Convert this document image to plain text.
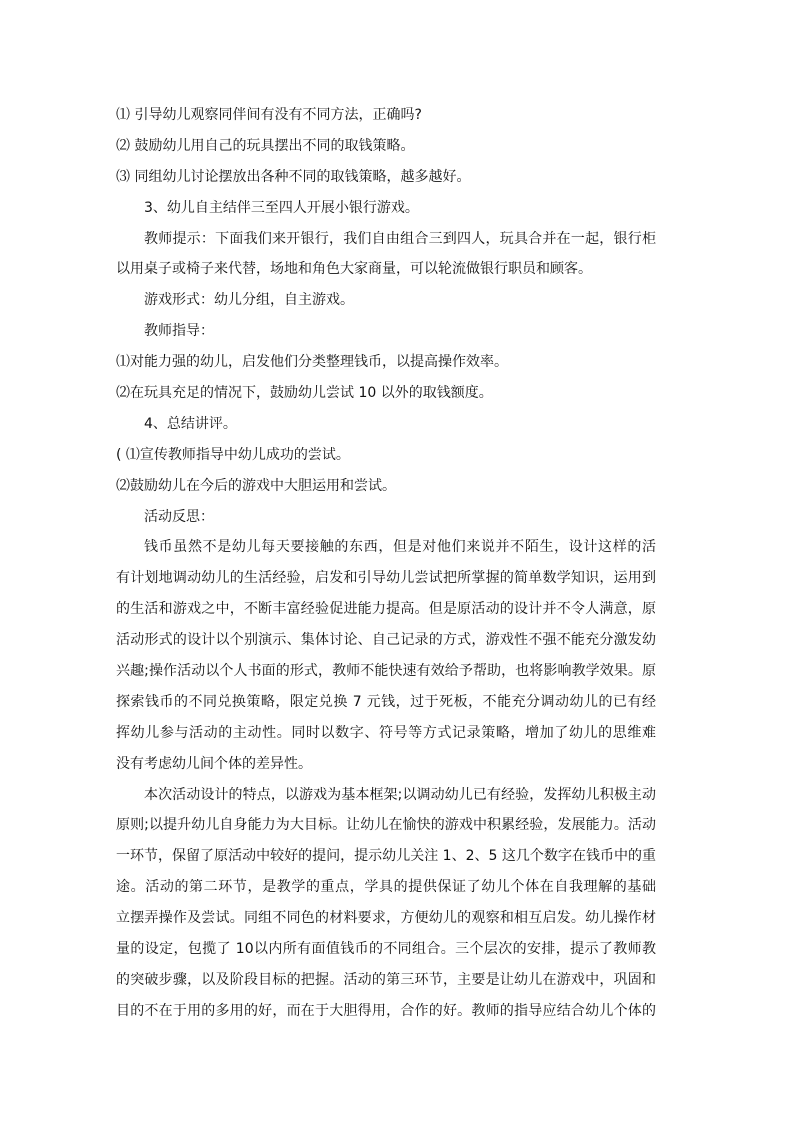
⑴ 引导幼儿观察同伴间有没有不同方法，正确吗?
⑵ 鼓励幼儿用自己的玩具摆出不同的取钱策略。
⑶ 同组幼儿讨论摆放出各种不同的取钱策略，越多越好。
3、幼儿自主结伴三至四人开展小银行游戏。
教师提示：下面我们来开银行，我们自由组合三到四人，玩具合并在一起，银行柜
以用桌子或椅子来代替，场地和角色大家商量，可以轮流做银行职员和顾客。
游戏形式：幼儿分组，自主游戏。
教师指导：
⑴对能力强的幼儿，启发他们分类整理钱币，以提高操作效率。
⑵在玩具充足的情况下，鼓励幼儿尝试 10 以外的取钱额度。
4、总结讲评。
( ⑴宣传教师指导中幼儿成功的尝试。
⑵鼓励幼儿在今后的游戏中大胆运用和尝试。
活动反思：
钱币虽然不是幼儿每天要接触的东西，但是对他们来说并不陌生，设计这样的活
有计划地调动幼儿的生活经验，启发和引导幼儿尝试把所掌握的简单数学知识，运用到
的生活和游戏之中，不断丰富经验促进能力提高。但是原活动的设计并不令人满意，原
活动形式的设计以个别演示、集体讨论、自己记录的方式，游戏性不强不能充分激发幼
兴趣;操作活动以个人书面的形式，教师不能快速有效给予帮助，也将影响教学效果。原
探索钱币的不同兑换策略，限定兑换 7 元钱，过于死板，不能充分调动幼儿的已有经
挥幼儿参与活动的主动性。同时以数字、符号等方式记录策略，增加了幼儿的思维难
没有考虑幼儿间个体的差异性。
本次活动设计的特点，以游戏为基本框架;以调动幼儿已有经验，发挥幼儿积极主动
原则;以提升幼儿自身能力为大目标。让幼儿在愉快的游戏中积累经验，发展能力。活动
一环节，保留了原活动中较好的提问，提示幼儿关注 1、2、5 这几个数字在钱币中的重
途。活动的第二环节，是教学的重点，学具的提供保证了幼儿个体在自我理解的基础
立摆弄操作及尝试。同组不同色的材料要求，方便幼儿的观察和相互启发。幼儿操作材
量的设定，包揽了 10以内所有面值钱币的不同组合。三个层次的安排，提示了教师教
的突破步骤，以及阶段目标的把握。活动的第三环节，主要是让幼儿在游戏中，巩固和
目的不在于用的多用的好，而在于大胆得用，合作的好。教师的指导应结合幼儿个体的
